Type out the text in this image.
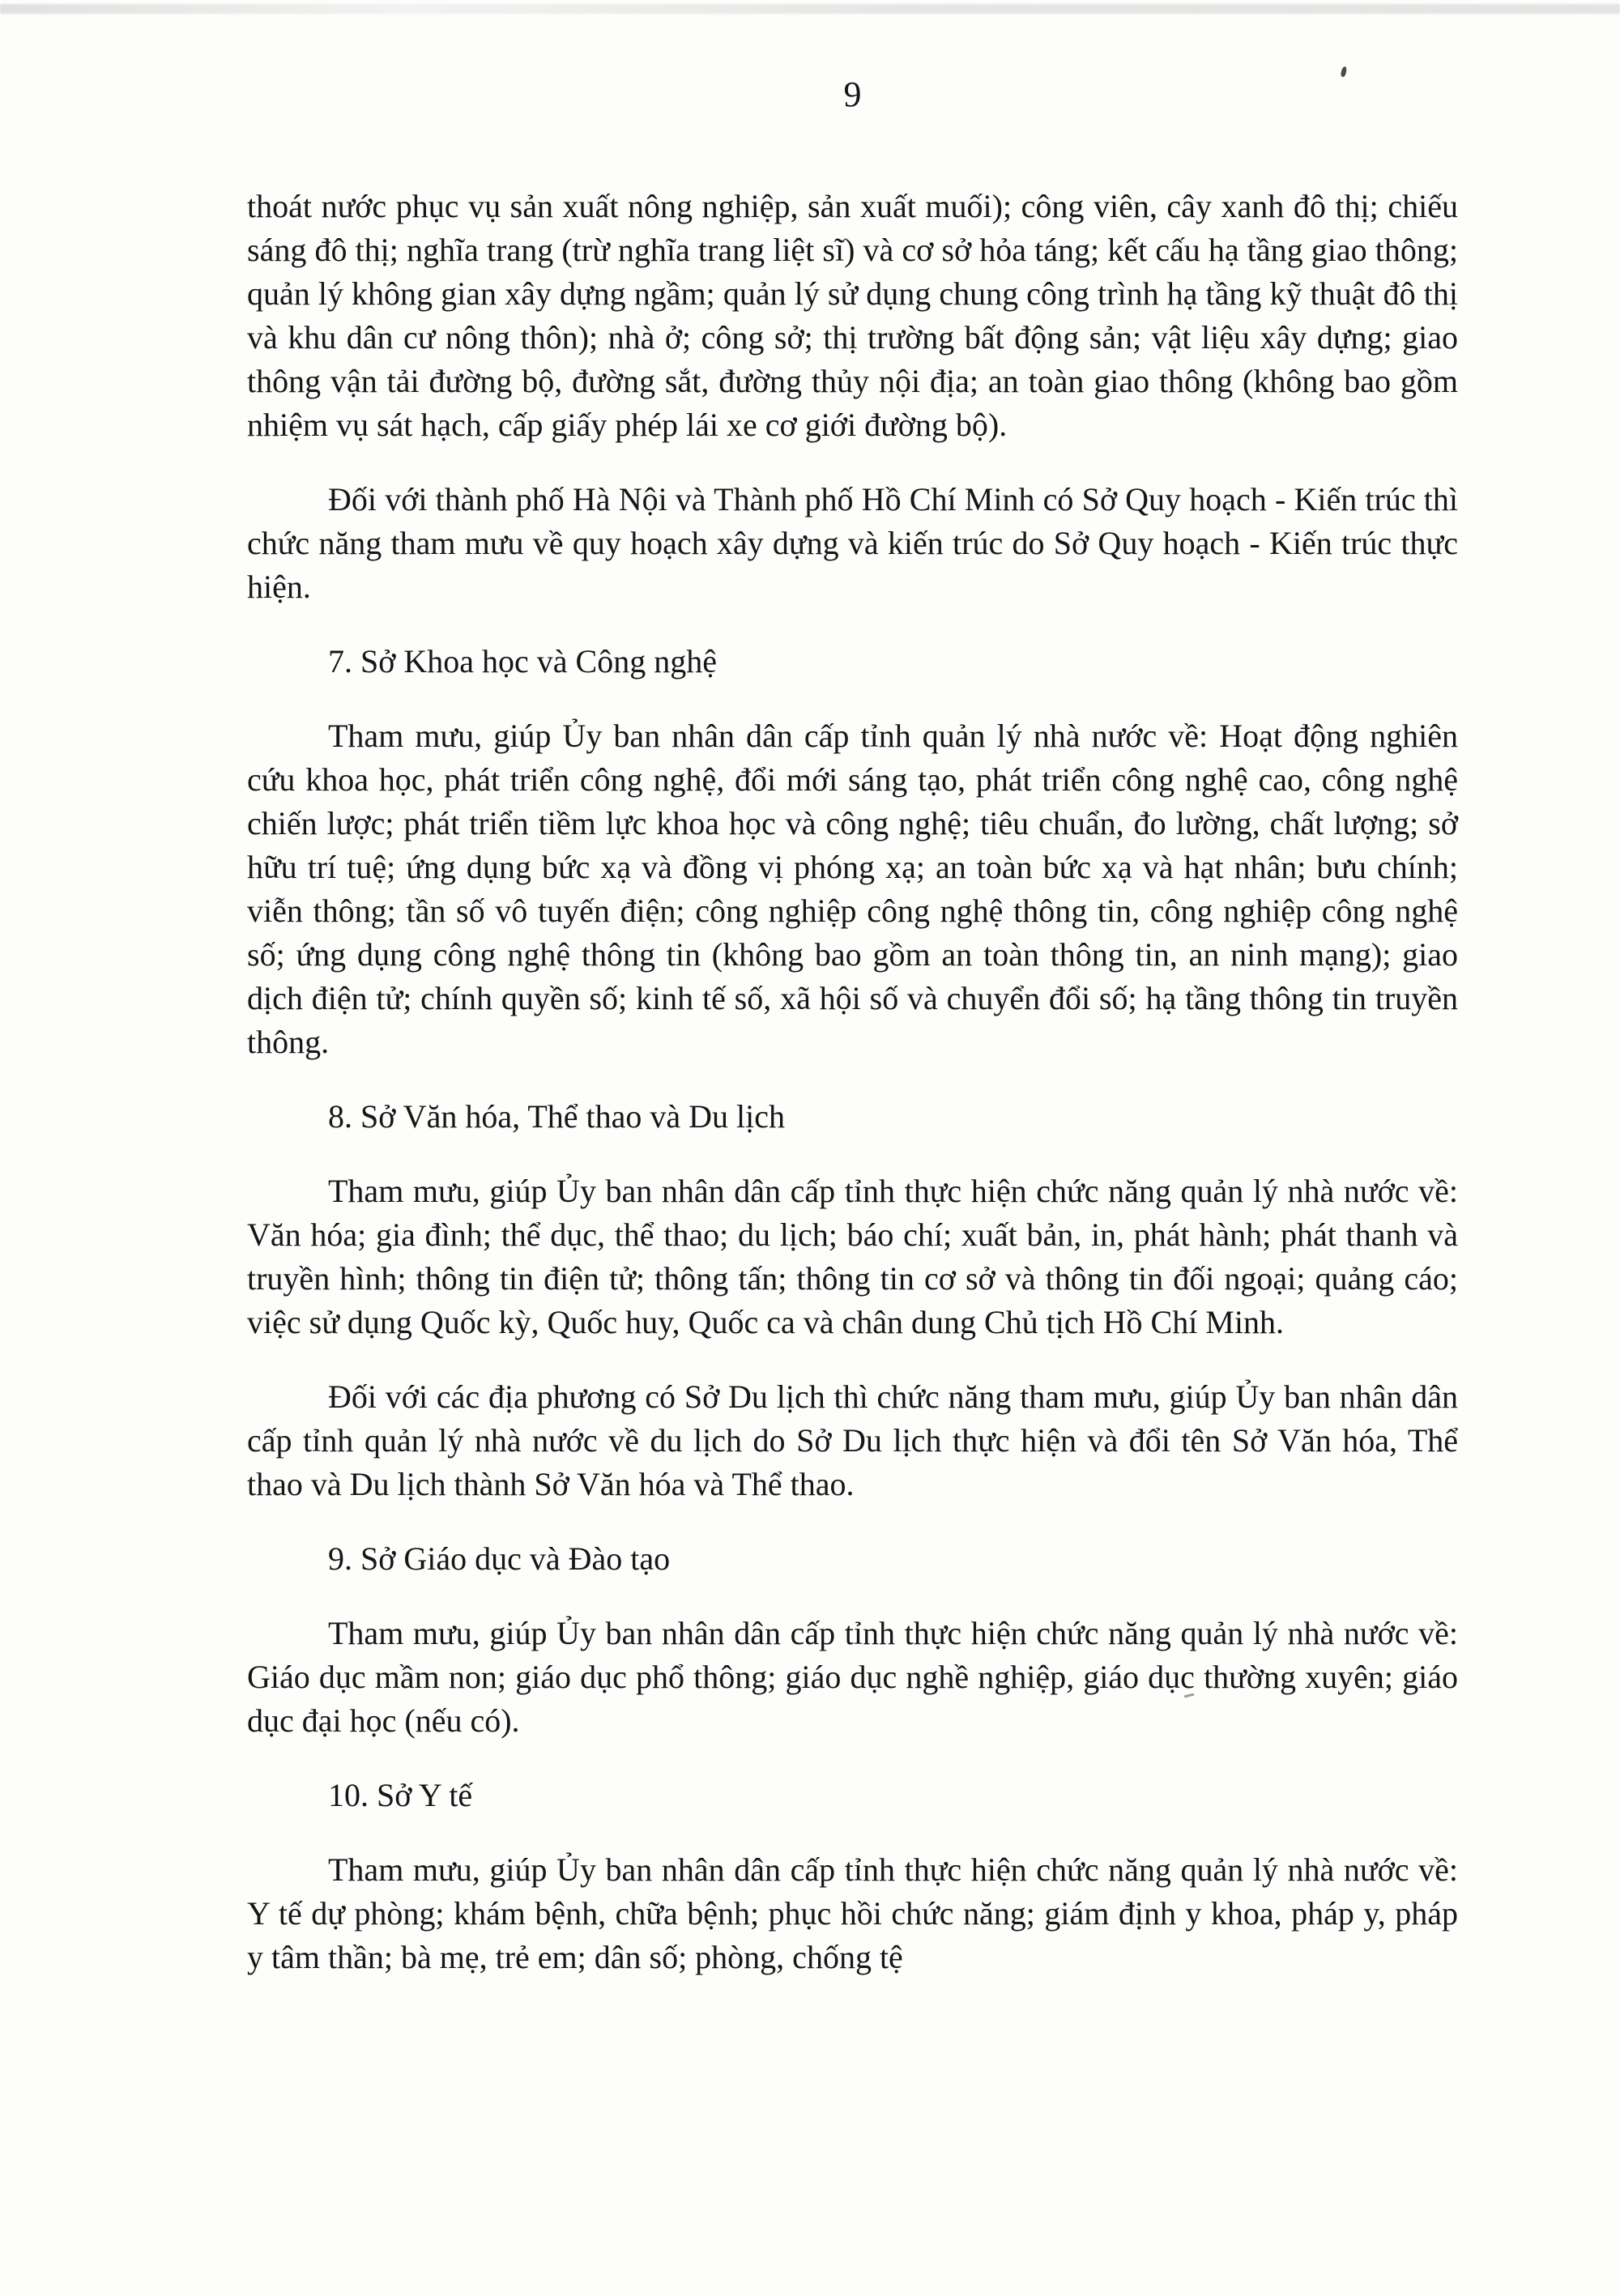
9

thoát nước phục vụ sản xuất nông nghiệp, sản xuất muối); công viên, cây xanh đô thị; chiếu sáng đô thị; nghĩa trang (trừ nghĩa trang liệt sĩ) và cơ sở hỏa táng; kết cấu hạ tầng giao thông; quản lý không gian xây dựng ngầm; quản lý sử dụng chung công trình hạ tầng kỹ thuật đô thị và khu dân cư nông thôn); nhà ở; công sở; thị trường bất động sản; vật liệu xây dựng; giao thông vận tải đường bộ, đường sắt, đường thủy nội địa; an toàn giao thông (không bao gồm nhiệm vụ sát hạch, cấp giấy phép lái xe cơ giới đường bộ).

Đối với thành phố Hà Nội và Thành phố Hồ Chí Minh có Sở Quy hoạch - Kiến trúc thì chức năng tham mưu về quy hoạch xây dựng và kiến trúc do Sở Quy hoạch - Kiến trúc thực hiện.

7. Sở Khoa học và Công nghệ

Tham mưu, giúp Ủy ban nhân dân cấp tỉnh quản lý nhà nước về: Hoạt động nghiên cứu khoa học, phát triển công nghệ, đổi mới sáng tạo, phát triển công nghệ cao, công nghệ chiến lược; phát triển tiềm lực khoa học và công nghệ; tiêu chuẩn, đo lường, chất lượng; sở hữu trí tuệ; ứng dụng bức xạ và đồng vị phóng xạ; an toàn bức xạ và hạt nhân; bưu chính; viễn thông; tần số vô tuyến điện; công nghiệp công nghệ thông tin, công nghiệp công nghệ số; ứng dụng công nghệ thông tin (không bao gồm an toàn thông tin, an ninh mạng); giao dịch điện tử; chính quyền số; kinh tế số, xã hội số và chuyển đổi số; hạ tầng thông tin truyền thông.

8. Sở Văn hóa, Thể thao và Du lịch

Tham mưu, giúp Ủy ban nhân dân cấp tỉnh thực hiện chức năng quản lý nhà nước về: Văn hóa; gia đình; thể dục, thể thao; du lịch; báo chí; xuất bản, in, phát hành; phát thanh và truyền hình; thông tin điện tử; thông tấn; thông tin cơ sở và thông tin đối ngoại; quảng cáo; việc sử dụng Quốc kỳ, Quốc huy, Quốc ca và chân dung Chủ tịch Hồ Chí Minh.

Đối với các địa phương có Sở Du lịch thì chức năng tham mưu, giúp Ủy ban nhân dân cấp tỉnh quản lý nhà nước về du lịch do Sở Du lịch thực hiện và đổi tên Sở Văn hóa, Thể thao và Du lịch thành Sở Văn hóa và Thể thao.

9. Sở Giáo dục và Đào tạo

Tham mưu, giúp Ủy ban nhân dân cấp tỉnh thực hiện chức năng quản lý nhà nước về: Giáo dục mầm non; giáo dục phổ thông; giáo dục nghề nghiệp, giáo dục thường xuyên; giáo dục đại học (nếu có).

10. Sở Y tế

Tham mưu, giúp Ủy ban nhân dân cấp tỉnh thực hiện chức năng quản lý nhà nước về: Y tế dự phòng; khám bệnh, chữa bệnh; phục hồi chức năng; giám định y khoa, pháp y, pháp y tâm thần; bà mẹ, trẻ em; dân số; phòng, chống tệ
